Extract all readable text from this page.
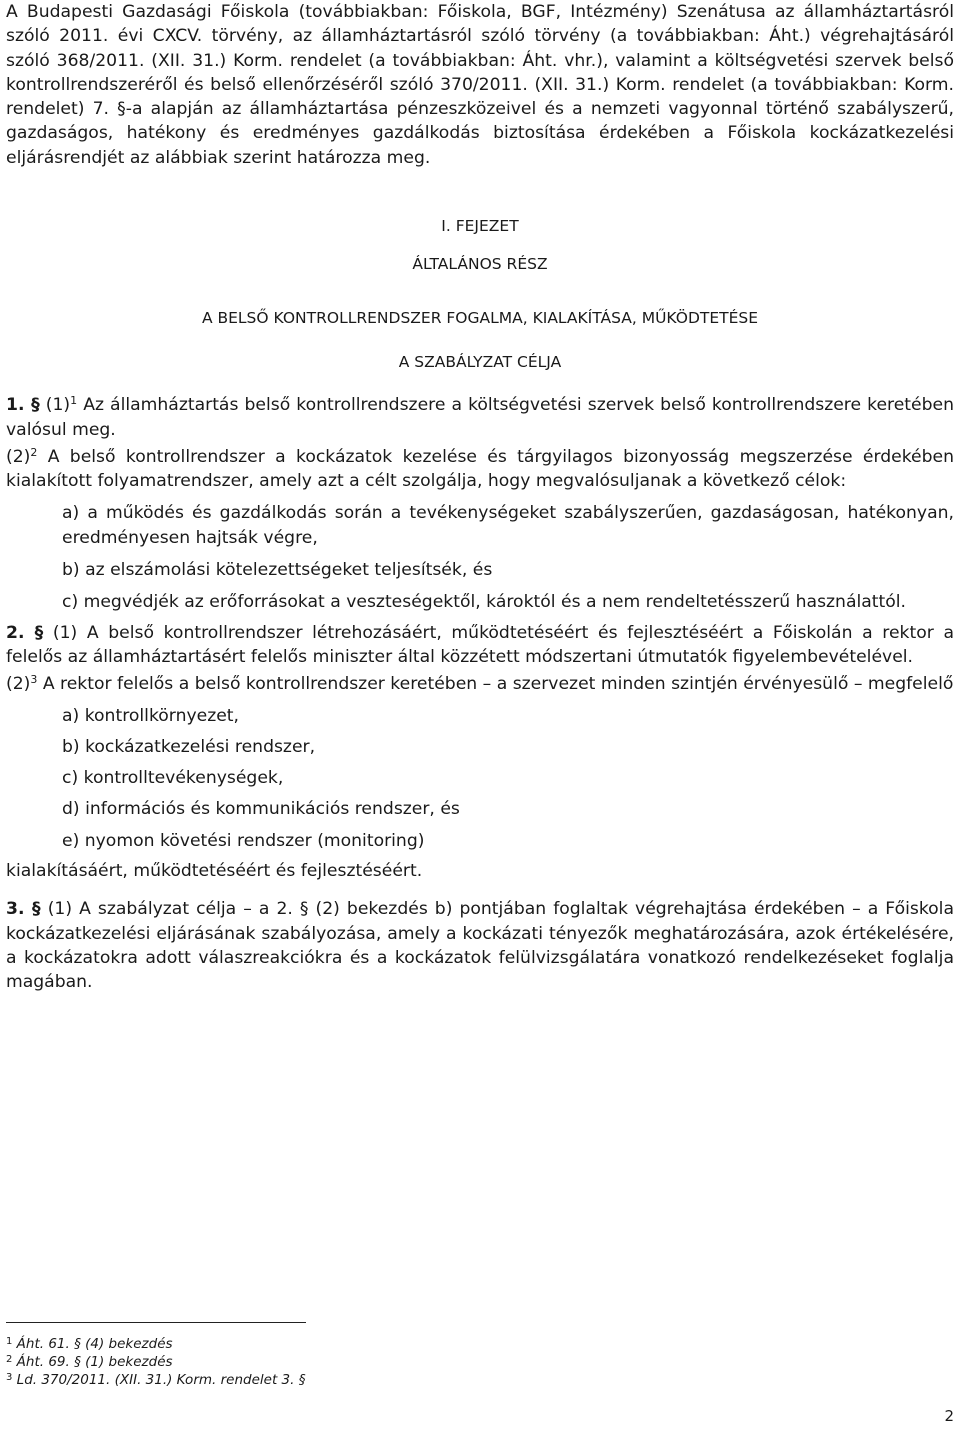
A Budapesti Gazdasági Főiskola (továbbiakban: Főiskola, BGF, Intézmény) Szenátusa az államháztartásról szóló 2011. évi CXCV. törvény, az államháztartásról szóló törvény (a továbbiakban: Áht.) végrehajtásáról szóló 368/2011. (XII. 31.) Korm. rendelet (a továbbiakban: Áht. vhr.), valamint a költségvetési szervek belső kontrollrendszeréről és belső ellenőrzéséről szóló 370/2011. (XII. 31.) Korm. rendelet (a továbbiakban: Korm. rendelet) 7. §-a alapján az államháztartása pénzeszközeivel és a nemzeti vagyonnal történő szabályszerű, gazdaságos, hatékony és eredményes gazdálkodás biztosítása érdekében a Főiskola kockázatkezelési eljárásrendjét az alábbiak szerint határozza meg.

I. FEJEZET

ÁLTALÁNOS RÉSZ

A BELSŐ KONTROLLRENDSZER FOGALMA, KIALAKÍTÁSA, MŰKÖDTETÉSE

A SZABÁLYZAT CÉLJA

1. § $(1)^1$ Az államháztartás belső kontrollrendszere a költségvetési szervek belső kontrollrendszere keretében valósul meg.

$(2)^2$ A belső kontrollrendszer a kockázatok kezelése és tárgyilagos bizonyosság megszerzése érdekében kialakított folyamatrendszer, amely azt a célt szolgálja, hogy megvalósuljanak a következő célok:

a) a működés és gazdálkodás során a tevékenységeket szabályszerűen, gazdaságosan, hatékonyan, eredményesen hajtsák végre,

b) az elszámolási kötelezettségeket teljesítsék, és

c) megvédjék az erőforrásokat a veszteségektől, károktól és a nem rendeltetésszerű használattól.

2. § (1) A belső kontrollrendszer létrehozásáért, működtetéséért és fejlesztéséért a Főiskolán a rektor a felelős az államháztartásért felelős miniszter által közzétett módszertani útmutatók figyelembevételével.

$(2)^3$ A rektor felelős a belső kontrollrendszer keretében – a szervezet minden szintjén érvényesülő – megfelelő

a) kontrollkörnyezet,

b) kockázatkezelési rendszer,

c) kontrolltevékenységek,

d) információs és kommunikációs rendszer, és

e) nyomon követési rendszer (monitoring)

kialakításáért, működtetéséért és fejlesztéséért.

3. § (1) A szabályzat célja – a 2. § (2) bekezdés b) pontjában foglaltak végrehajtása érdekében – a Főiskola kockázatkezelési eljárásának szabályozása, amely a kockázati tényezők meghatározására, azok értékelésére, a kockázatokra adott válaszreakciókra és a kockázatok felülvizsgálatára vonatkozó rendelkezéseket foglalja magában.

$^1$ Áht. 61. § (4) bekezdés
$^2$ Áht. 69. § (1) bekezdés
$^3$ Ld. 370/2011. (XII. 31.) Korm. rendelet 3. §
2
